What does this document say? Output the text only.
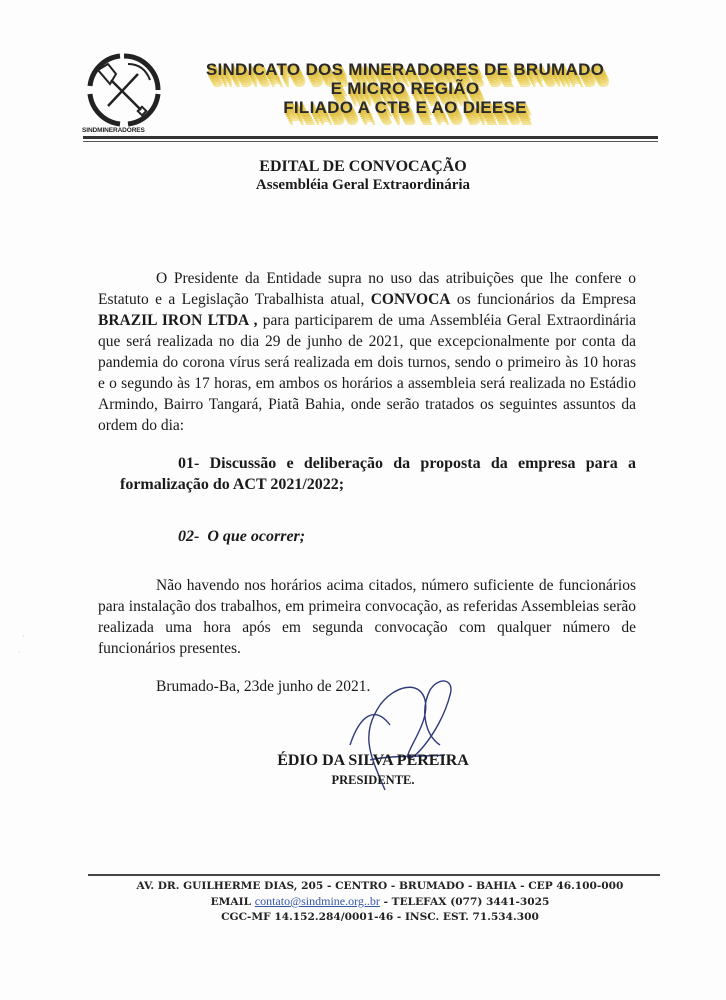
SINDMINERADORES
SINDICATO DOS MINERADORES DE BRUMADO
E MICRO REGIÃO
FILIADO A CTB E AO DIEESE
EDITAL DE CONVOCAÇÃO
Assembléia Geral Extraordinária
O Presidente da Entidade supra no uso das atribuições que lhe confere o Estatuto e a Legislação Trabalhista atual, CONVOCA os funcionários da Empresa BRAZIL IRON LTDA , para participarem de uma Assembléia Geral Extraordinária que será realizada no dia 29 de junho de 2021, que excepcionalmente por conta da pandemia do corona vírus será realizada em dois turnos, sendo o primeiro às 10 horas e o segundo às 17 horas, em ambos os horários a assembleia será realizada no Estádio Armindo, Bairro Tangará, Piatã Bahia, onde serão tratados os seguintes assuntos da ordem do dia:
01- Discussão e deliberação da proposta da empresa para a formalização do ACT 2021/2022;
02- O que ocorrer;
Não havendo nos horários acima citados, número suficiente de funcionários para instalação dos trabalhos, em primeira convocação, as referidas Assembleias serão realizada uma hora após em segunda convocação com qualquer número de funcionários presentes.
Brumado-Ba, 23de junho de 2021.
ÉDIO DA SILVA PEREIRA
PRESIDENTE.
AV. DR. GUILHERME DIAS, 205 - CENTRO - BRUMADO - BAHIA - CEP 46.100-000
EMAIL contato@sindmine.org..br - TELEFAX (077) 3441-3025
CGC-MF 14.152.284/0001-46 - INSC. EST. 71.534.300
·
·
